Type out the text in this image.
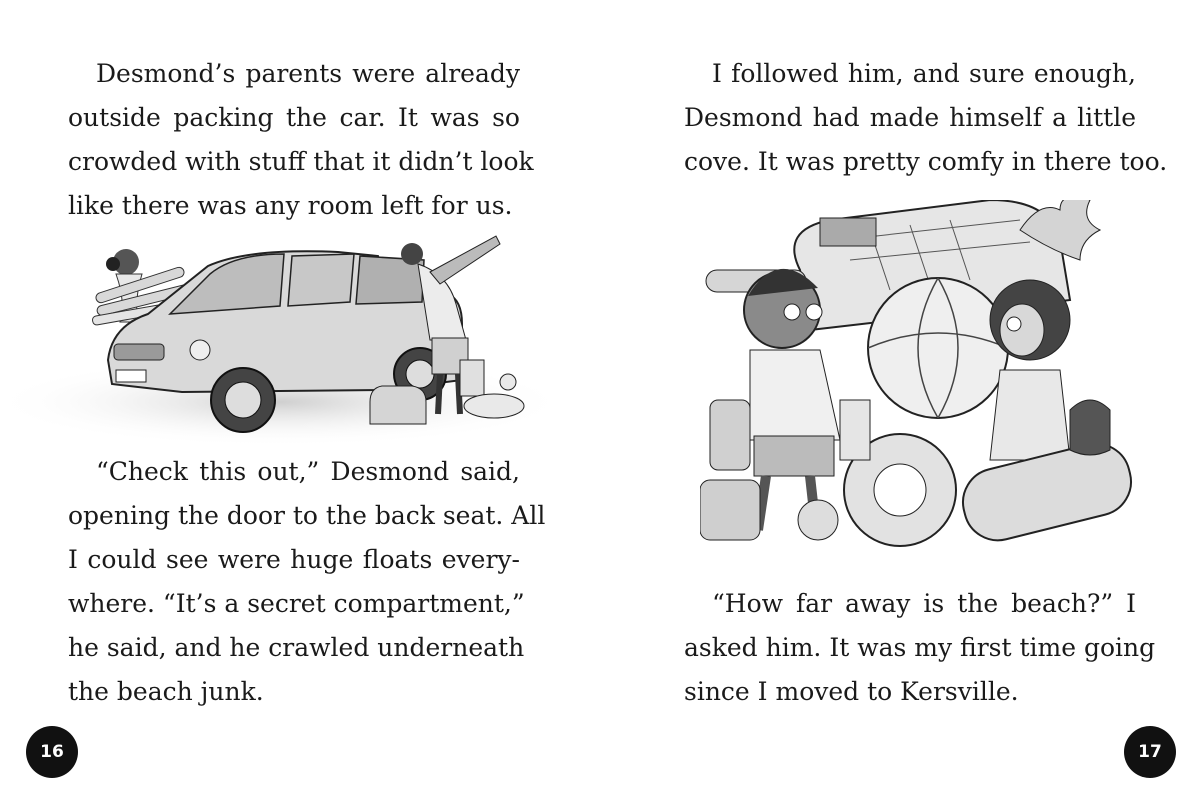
Desmond’s parents were already
outside packing the car. It was so
crowded with stuff that it didn’t look
like there was any room left for us.

“Check this out,” Desmond said,
opening the door to the back seat. All
I could see were huge floats every-
where. “It’s a secret compartment,”
he said, and he crawled underneath
the beach junk.

16

I followed him, and sure enough,
Desmond had made himself a little
cove. It was pretty comfy in there too.

“How far away is the beach?” I
asked him. It was my first time going
since I moved to Kersville.

17
